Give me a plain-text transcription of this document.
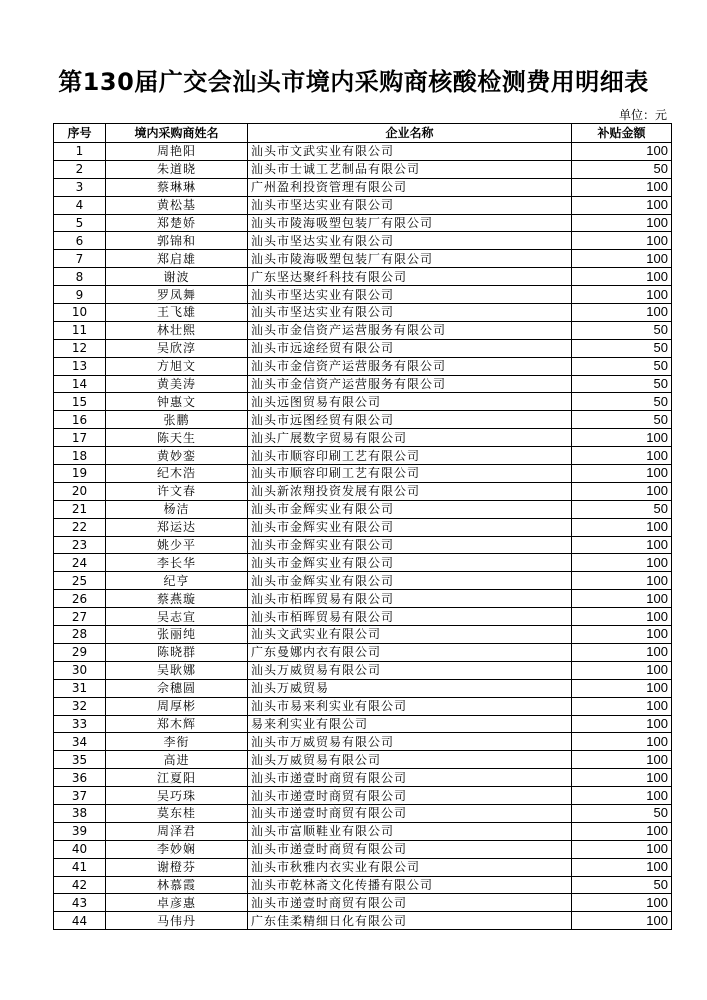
第130届广交会汕头市境内采购商核酸检测费用明细表
单位：元
序号	境内采购商姓名	企业名称	补贴金额
1	周艳阳	汕头市文武实业有限公司	100
2	朱道晓	汕头市士诚工艺制品有限公司	50
3	蔡琳琳	广州盈利投资管理有限公司	100
4	黄松基	汕头市坚达实业有限公司	100
5	郑楚娇	汕头市陵海吸塑包装厂有限公司	100
6	郭锦和	汕头市坚达实业有限公司	100
7	郑启雄	汕头市陵海吸塑包装厂有限公司	100
8	谢波	广东坚达聚纤科技有限公司	100
9	罗凤舞	汕头市坚达实业有限公司	100
10	王飞雄	汕头市坚达实业有限公司	100
11	林壮熙	汕头市金信资产运营服务有限公司	50
12	吴欣淳	汕头市远途经贸有限公司	50
13	方旭文	汕头市金信资产运营服务有限公司	50
14	黄美涛	汕头市金信资产运营服务有限公司	50
15	钟惠文	汕头远图贸易有限公司	50
16	张鹏	汕头市远图经贸有限公司	50
17	陈天生	汕头广展数字贸易有限公司	100
18	黄妙銮	汕头市顺容印刷工艺有限公司	100
19	纪木浩	汕头市顺容印刷工艺有限公司	100
20	许文春	汕头新浓翔投资发展有限公司	100
21	杨洁	汕头市金辉实业有限公司	50
22	郑运达	汕头市金辉实业有限公司	100
23	姚少平	汕头市金辉实业有限公司	100
24	李长华	汕头市金辉实业有限公司	100
25	纪亨	汕头市金辉实业有限公司	100
26	蔡燕璇	汕头市栢晖贸易有限公司	100
27	吴志宣	汕头市栢晖贸易有限公司	100
28	张丽纯	汕头文武实业有限公司	100
29	陈晓群	广东曼娜内衣有限公司	100
30	吴耿娜	汕头万威贸易有限公司	100
31	佘穗圆	汕头万威贸易	100
32	周厚彬	汕头市易来利实业有限公司	100
33	郑木辉	易来利实业有限公司	100
34	李衔	汕头市万威贸易有限公司	100
35	高进	汕头万威贸易有限公司	100
36	江夏阳	汕头市递壹时商贸有限公司	100
37	吴巧珠	汕头市递壹时商贸有限公司	100
38	莫东桂	汕头市递壹时商贸有限公司	50
39	周泽君	汕头市富顺鞋业有限公司	100
40	李妙娴	汕头市递壹时商贸有限公司	100
41	谢橙芬	汕头市秋雅内衣实业有限公司	100
42	林慕霞	汕头市乾林斋文化传播有限公司	50
43	卓彦惠	汕头市递壹时商贸有限公司	100
44	马伟丹	广东佳柔精细日化有限公司	100
